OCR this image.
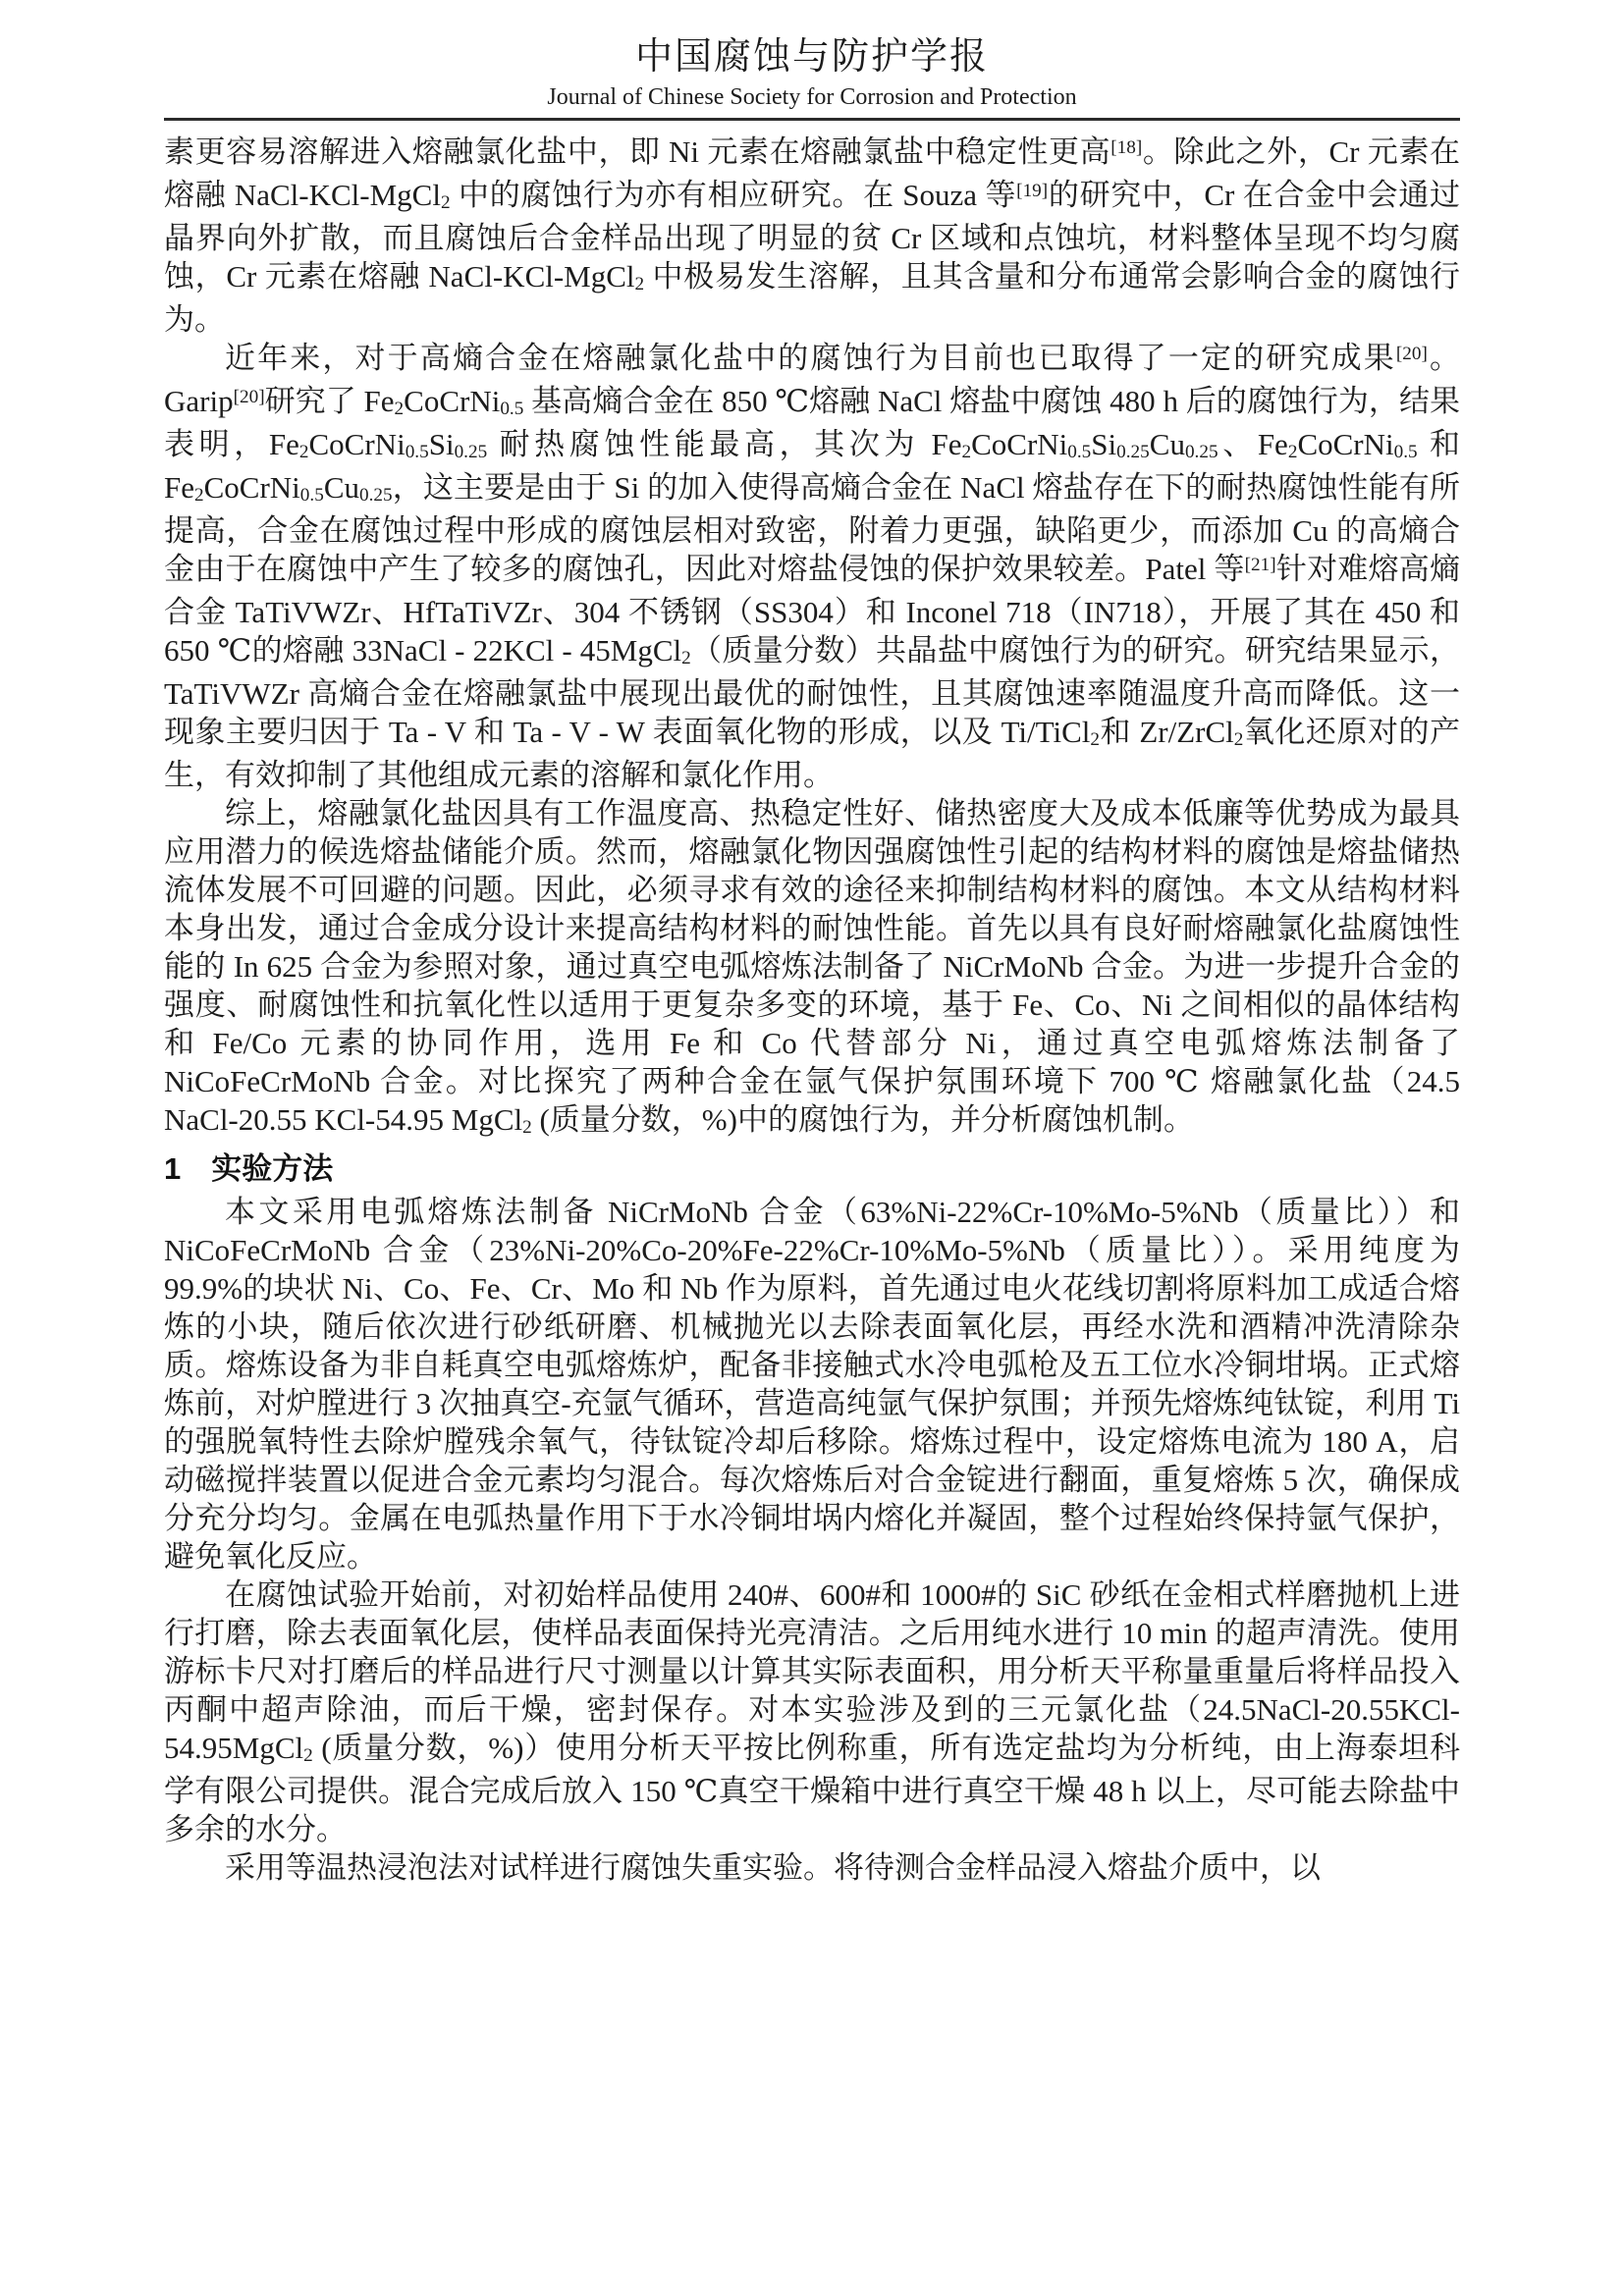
中国腐蚀与防护学报
Journal of Chinese Society for Corrosion and Protection

素更容易溶解进入熔融氯化盐中，即 Ni 元素在熔融氯盐中稳定性更高[18]。除此之外，Cr 元素在熔融 NaCl-KCl-MgCl$_2$ 中的腐蚀行为亦有相应研究。在 Souza 等[19]的研究中，Cr 在合金中会通过晶界向外扩散，而且腐蚀后合金样品出现了明显的贫 Cr 区域和点蚀坑，材料整体呈现不均匀腐蚀，Cr 元素在熔融 NaCl-KCl-MgCl$_2$ 中极易发生溶解，且其含量和分布通常会影响合金的腐蚀行为。

近年来，对于高熵合金在熔融氯化盐中的腐蚀行为目前也已取得了一定的研究成果[20]。Garip[20]研究了 $Fe_2CoCrNi_{0.5}$ 基高熵合金在 850 ℃熔融 NaCl 熔盐中腐蚀 480 h 后的腐蚀行为，结果表明，$Fe_2CoCrNi_{0.5}Si_{0.25}$ 耐热腐蚀性能最高，其次为 $Fe_2CoCrNi_{0.5}Si_{0.25}Cu_{0.25}$、$Fe_2CoCrNi_{0.5}$ 和 $Fe_2CoCrNi_{0.5}Cu_{0.25}$，这主要是由于 Si 的加入使得高熵合金在 NaCl 熔盐存在下的耐热腐蚀性能有所提高，合金在腐蚀过程中形成的腐蚀层相对致密，附着力更强，缺陷更少，而添加 Cu 的高熵合金由于在腐蚀中产生了较多的腐蚀孔，因此对熔盐侵蚀的保护效果较差。Patel 等[21]针对难熔高熵合金 TaTiVWZr、HfTaTiVZr、304 不锈钢（SS304）和 Inconel 718（IN718），开展了其在 450 和 650 ℃的熔融 33NaCl - 22KCl - 45MgCl$_2$（质量分数）共晶盐中腐蚀行为的研究。研究结果显示，TaTiVWZr 高熵合金在熔融氯盐中展现出最优的耐蚀性，且其腐蚀速率随温度升高而降低。这一现象主要归因于 Ta - V 和 Ta - V - W 表面氧化物的形成，以及 Ti/TiCl$_2$和 Zr/ZrCl$_2$氧化还原对的产生，有效抑制了其他组成元素的溶解和氯化作用。

综上，熔融氯化盐因具有工作温度高、热稳定性好、储热密度大及成本低廉等优势成为最具应用潜力的候选熔盐储能介质。然而，熔融氯化物因强腐蚀性引起的结构材料的腐蚀是熔盐储热流体发展不可回避的问题。因此，必须寻求有效的途径来抑制结构材料的腐蚀。本文从结构材料本身出发，通过合金成分设计来提高结构材料的耐蚀性能。首先以具有良好耐熔融氯化盐腐蚀性能的 In 625 合金为参照对象，通过真空电弧熔炼法制备了 NiCrMoNb 合金。为进一步提升合金的强度、耐腐蚀性和抗氧化性以适用于更复杂多变的环境，基于 Fe、Co、Ni 之间相似的晶体结构和 Fe/Co 元素的协同作用，选用 Fe 和 Co 代替部分 Ni，通过真空电弧熔炼法制备了 NiCoFeCrMoNb 合金。对比探究了两种合金在氩气保护氛围环境下 700 ℃ 熔融氯化盐（24.5 NaCl-20.55 KCl-54.95 MgCl$_2$ (质量分数，%)中的腐蚀行为，并分析腐蚀机制。

1　实验方法

本文采用电弧熔炼法制备 NiCrMoNb 合金（63%Ni-22%Cr-10%Mo-5%Nb（质量比））和 NiCoFeCrMoNb 合金（23%Ni-20%Co-20%Fe-22%Cr-10%Mo-5%Nb（质量比））。采用纯度为 99.9%的块状 Ni、Co、Fe、Cr、Mo 和 Nb 作为原料，首先通过电火花线切割将原料加工成适合熔炼的小块，随后依次进行砂纸研磨、机械抛光以去除表面氧化层，再经水洗和酒精冲洗清除杂质。熔炼设备为非自耗真空电弧熔炼炉，配备非接触式水冷电弧枪及五工位水冷铜坩埚。正式熔炼前，对炉膛进行 3 次抽真空-充氩气循环，营造高纯氩气保护氛围；并预先熔炼纯钛锭，利用 Ti 的强脱氧特性去除炉膛残余氧气，待钛锭冷却后移除。熔炼过程中，设定熔炼电流为 180 A，启动磁搅拌装置以促进合金元素均匀混合。每次熔炼后对合金锭进行翻面，重复熔炼 5 次，确保成分充分均匀。金属在电弧热量作用下于水冷铜坩埚内熔化并凝固，整个过程始终保持氩气保护，避免氧化反应。

在腐蚀试验开始前，对初始样品使用 240#、600#和 1000#的 SiC 砂纸在金相式样磨抛机上进行打磨，除去表面氧化层，使样品表面保持光亮清洁。之后用纯水进行 10 min 的超声清洗。使用游标卡尺对打磨后的样品进行尺寸测量以计算其实际表面积，用分析天平称量重量后将样品投入丙酮中超声除油，而后干燥，密封保存。对本实验涉及到的三元氯化盐（24.5NaCl-20.55KCl-54.95MgCl$_2$ (质量分数，%)）使用分析天平按比例称重，所有选定盐均为分析纯，由上海泰坦科学有限公司提供。混合完成后放入 150 ℃真空干燥箱中进行真空干燥 48 h 以上，尽可能去除盐中多余的水分。

采用等温热浸泡法对试样进行腐蚀失重实验。将待测合金样品浸入熔盐介质中，以
